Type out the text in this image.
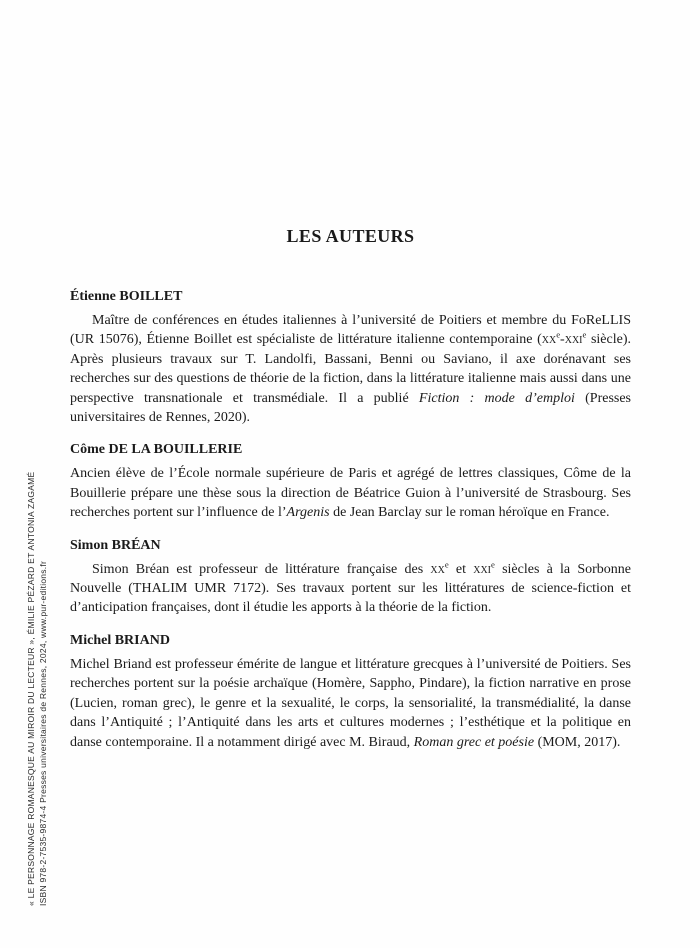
« LE PERSONNAGE ROMANESQUE AU MIROIR DU LECTEUR », ÉMILIE PÉZARD ET ANTONIA ZAGAMÉ ISBN 978-2-7535-9874-4 Presses universitaires de Rennes, 2024, www.pur-editions.fr
LES AUTEURS
Étienne BOILLET

Maître de conférences en études italiennes à l’université de Poitiers et membre du FoReLLIS (UR 15076), Étienne Boillet est spécialiste de littérature italienne contemporaine ($xx^e-xxi^e$ siècle). Après plusieurs travaux sur T. Landolfi, Bassani, Benni ou Saviano, il axe dorénavant ses recherches sur des questions de théorie de la fiction, dans la littérature italienne mais aussi dans une perspective transnationale et transmédiale. Il a publié Fiction : mode d’emploi (Presses universitaires de Rennes, 2020).

Côme DE LA BOUILLERIE

Ancien élève de l’École normale supérieure de Paris et agrégé de lettres classiques, Côme de la Bouillerie prépare une thèse sous la direction de Béatrice Guion à l’université de Strasbourg. Ses recherches portent sur l’influence de l’Argenis de Jean Barclay sur le roman héroïque en France.

Simon BRÉAN

Simon Bréan est professeur de littérature française des $xx^e$ et xxi$^e$ siècles à la Sorbonne Nouvelle (THALIM UMR 7172). Ses travaux portent sur les littératures de science-fiction et d’anticipation françaises, dont il étudie les apports à la théorie de la fiction.

Michel BRIAND

Michel Briand est professeur émérite de langue et littérature grecques à l’université de Poitiers. Ses recherches portent sur la poésie archaïque (Homère, Sappho, Pindare), la fiction narrative en prose (Lucien, roman grec), le genre et la sexualité, le corps, la sensorialité, la transmédialité, la danse dans l’Antiquité ; l’Antiquité dans les arts et cultures modernes ; l’esthétique et la politique en danse contemporaine. Il a notamment dirigé avec M. Biraud, Roman grec et poésie (MOM, 2017).
